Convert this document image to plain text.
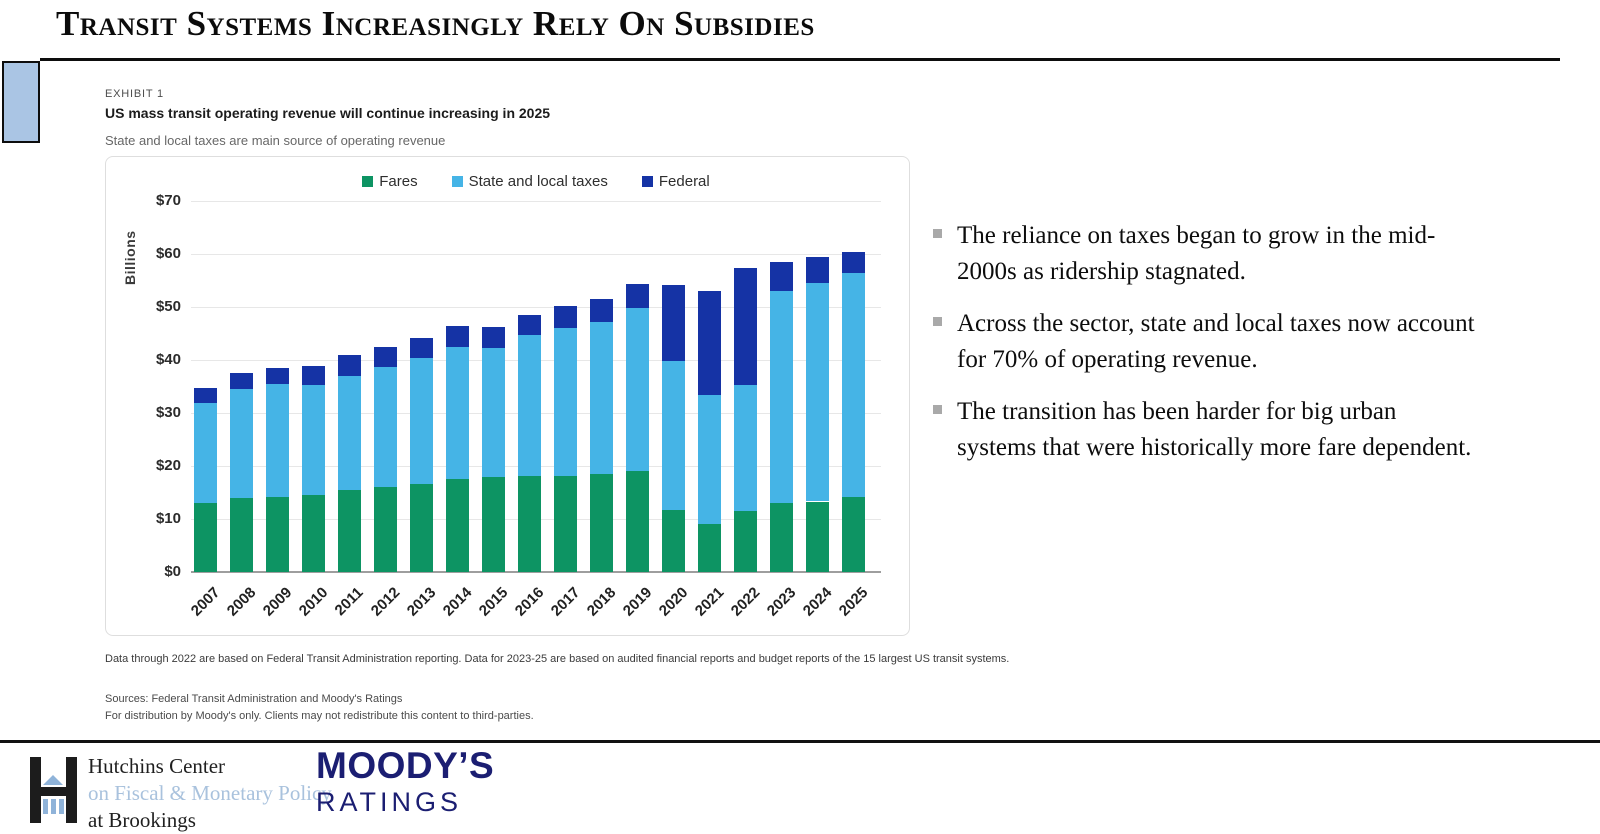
Transit Systems Increasingly Rely On Subsidies
EXHIBIT 1
US mass transit operating revenue will continue increasing in 2025
State and local taxes are main source of operating revenue
Fares	State and local taxes	Federal
Billions
$0
$10
$20
$30
$40
$50
$60
$70
2007 2008 2009 2010 2011 2012 2013 2014 2015 2016 2017 2018 2019 2020 2021 2022 2023 2024 2025
Data through 2022 are based on Federal Transit Administration reporting. Data for 2023-25 are based on audited financial reports and budget reports of the 15 largest US transit systems.
Sources: Federal Transit Administration and Moody's Ratings
For distribution by Moody's only. Clients may not redistribute this content to third-parties.
The reliance on taxes began to grow in the mid-2000s as ridership stagnated.
Across the sector, state and local taxes now account for 70% of operating revenue.
The transition has been harder for big urban systems that were historically more fare dependent.
Hutchins Center
on Fiscal & Monetary Policy
at Brookings
MOODY’S
RATINGS
